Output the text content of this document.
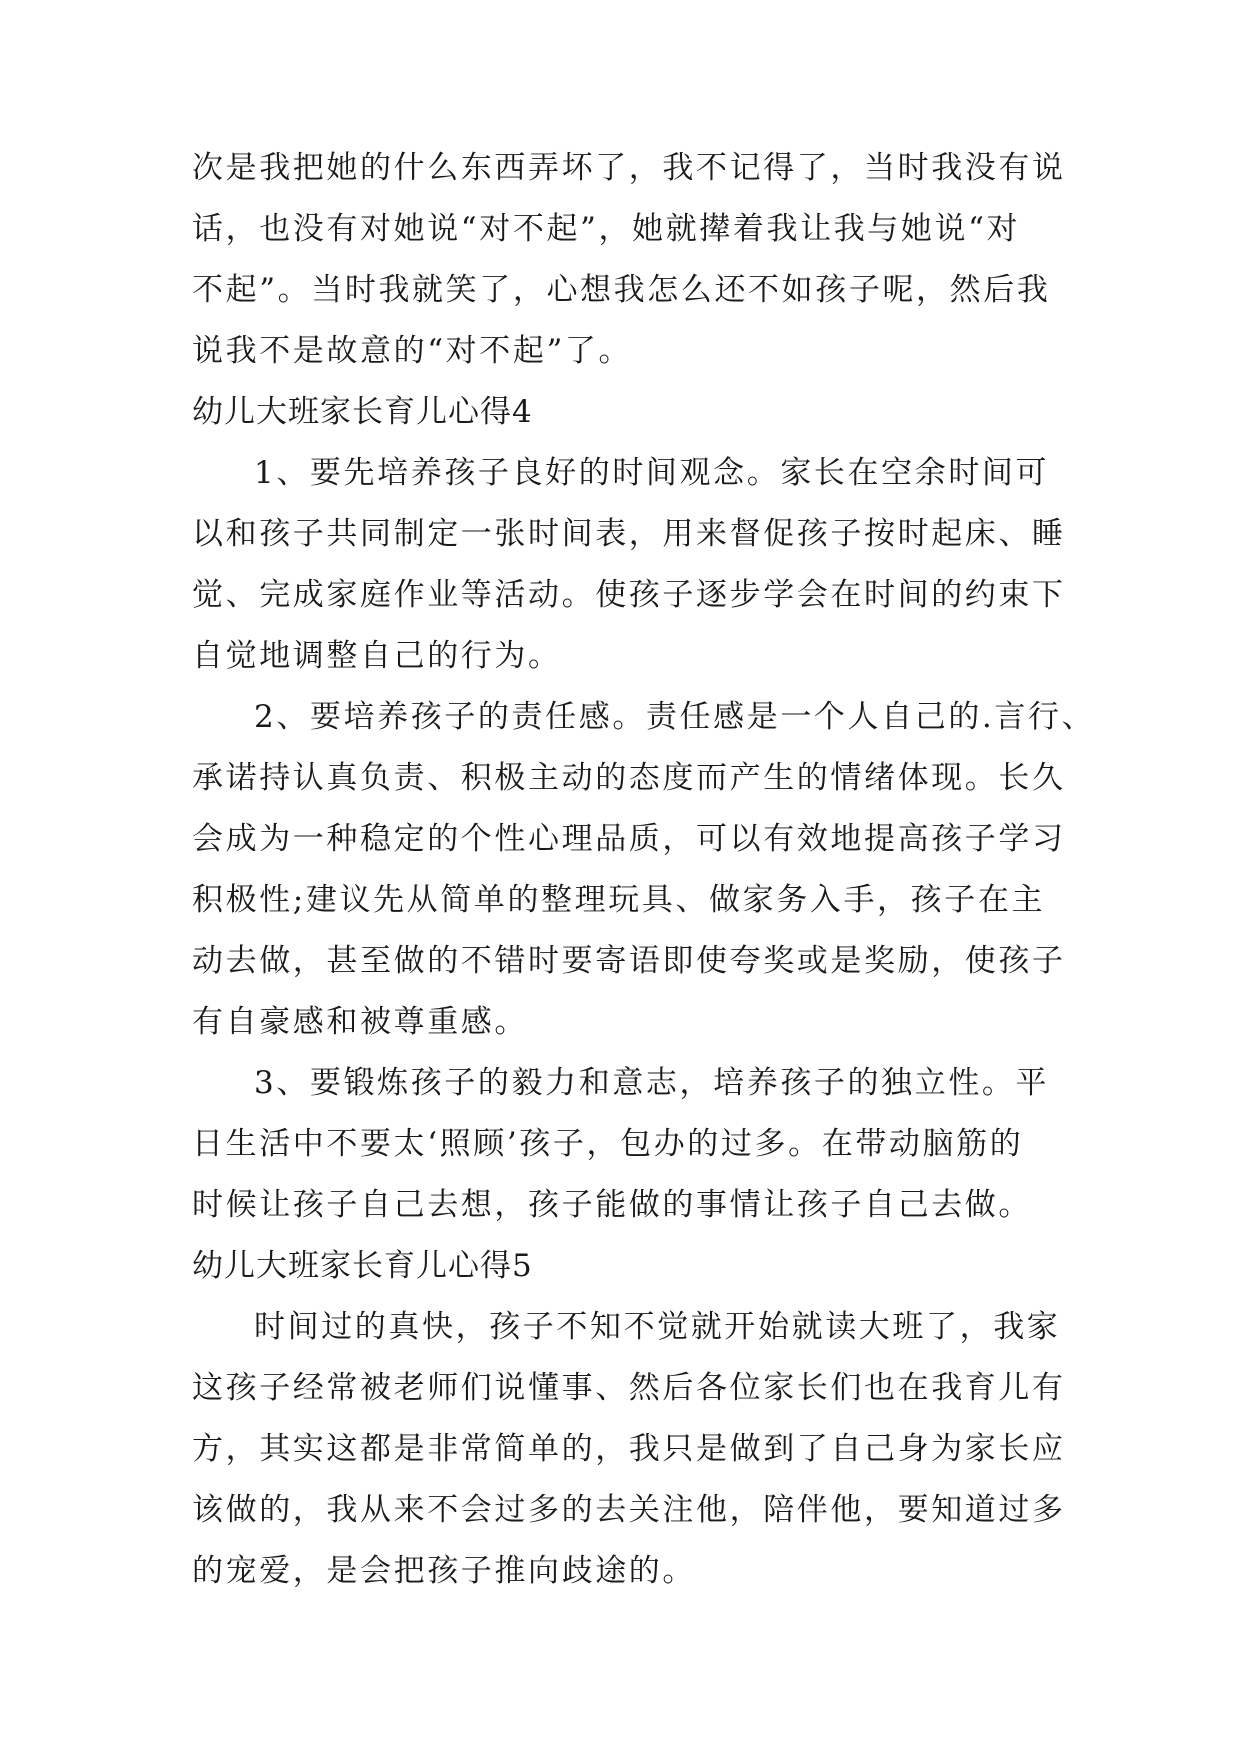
次是我把她的什么东西弄坏了，我不记得了，当时我没有说
话，也没有对她说“对不起”，她就撵着我让我与她说“对
不起”。当时我就笑了，心想我怎么还不如孩子呢，然后我
说我不是故意的“对不起”了。
幼儿大班家长育儿心得4
1、要先培养孩子良好的时间观念。家长在空余时间可
以和孩子共同制定一张时间表，用来督促孩子按时起床、睡
觉、完成家庭作业等活动。使孩子逐步学会在时间的约束下
自觉地调整自己的行为。
2、要培养孩子的责任感。责任感是一个人自己的.言行、
承诺持认真负责、积极主动的态度而产生的情绪体现。长久
会成为一种稳定的个性心理品质，可以有效地提高孩子学习
积极性;建议先从简单的整理玩具、做家务入手，孩子在主
动去做，甚至做的不错时要寄语即使夸奖或是奖励，使孩子
有自豪感和被尊重感。
3、要锻炼孩子的毅力和意志，培养孩子的独立性。平
日生活中不要太‘照顾’孩子，包办的过多。在带动脑筋的
时候让孩子自己去想，孩子能做的事情让孩子自己去做。
幼儿大班家长育儿心得5
时间过的真快，孩子不知不觉就开始就读大班了，我家
这孩子经常被老师们说懂事、然后各位家长们也在我育儿有
方，其实这都是非常简单的，我只是做到了自己身为家长应
该做的，我从来不会过多的去关注他，陪伴他，要知道过多
的宠爱，是会把孩子推向歧途的。
